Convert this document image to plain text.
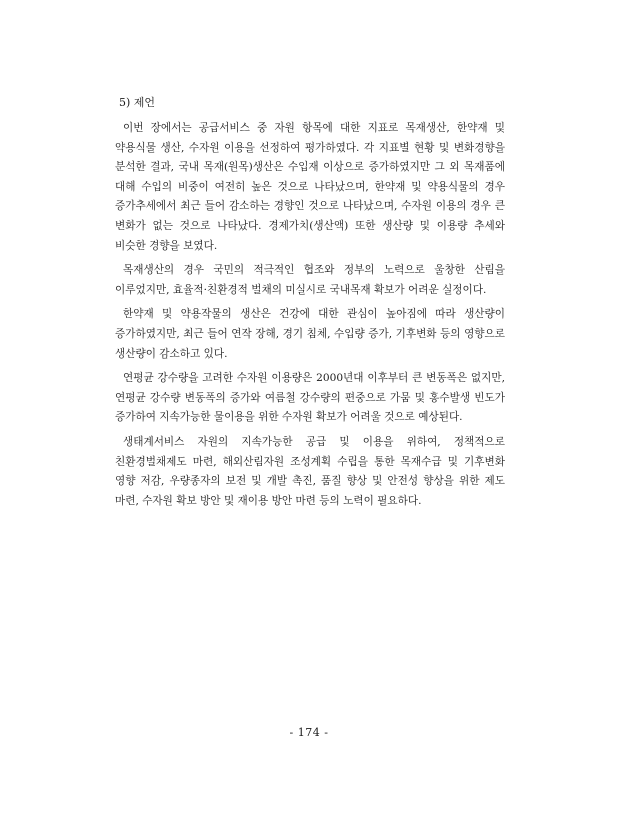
5) 제언

이번 장에서는 공급서비스 중 자원 항목에 대한 지표로 목재생산, 한약재 및 약용식물 생산, 수자원 이용을 선정하여 평가하였다. 각 지표별 현황 및 변화경향을 분석한 결과, 국내 목재(원목)생산은 수입재 이상으로 증가하였지만 그 외 목재품에 대해 수입의 비중이 여전히 높은 것으로 나타났으며, 한약재 및 약용식물의 경우 증가추세에서 최근 들어 감소하는 경향인 것으로 나타났으며, 수자원 이용의 경우 큰 변화가 없는 것으로 나타났다. 경제가치(생산액) 또한 생산량 및 이용량 추세와 비슷한 경향을 보였다.

목재생산의 경우 국민의 적극적인 협조와 정부의 노력으로 울창한 산림을 이루었지만, 효율적·친환경적 벌채의 미실시로 국내목재 확보가 어려운 실정이다.

한약재 및 약용작물의 생산은 건강에 대한 관심이 높아짐에 따라 생산량이 증가하였지만, 최근 들어 연작 장해, 경기 침체, 수입량 증가, 기후변화 등의 영향으로 생산량이 감소하고 있다.

연평균 강수량을 고려한 수자원 이용량은 2000년대 이후부터 큰 변동폭은 없지만, 연평균 강수량 변동폭의 증가와 여름철 강수량의 편중으로 가뭄 및 홍수발생 빈도가 증가하여 지속가능한 물이용을 위한 수자원 확보가 어려울 것으로 예상된다.

생태계서비스 자원의 지속가능한 공급 및 이용을 위하여, 정책적으로 친환경벌채제도 마련, 해외산림자원 조성계획 수립을 통한 목재수급 및 기후변화 영향 저감, 우량종자의 보전 및 개발 촉진, 품질 향상 및 안전성 향상을 위한 제도 마련, 수자원 확보 방안 및 재이용 방안 마련 등의 노력이 필요하다.

- 174 -
